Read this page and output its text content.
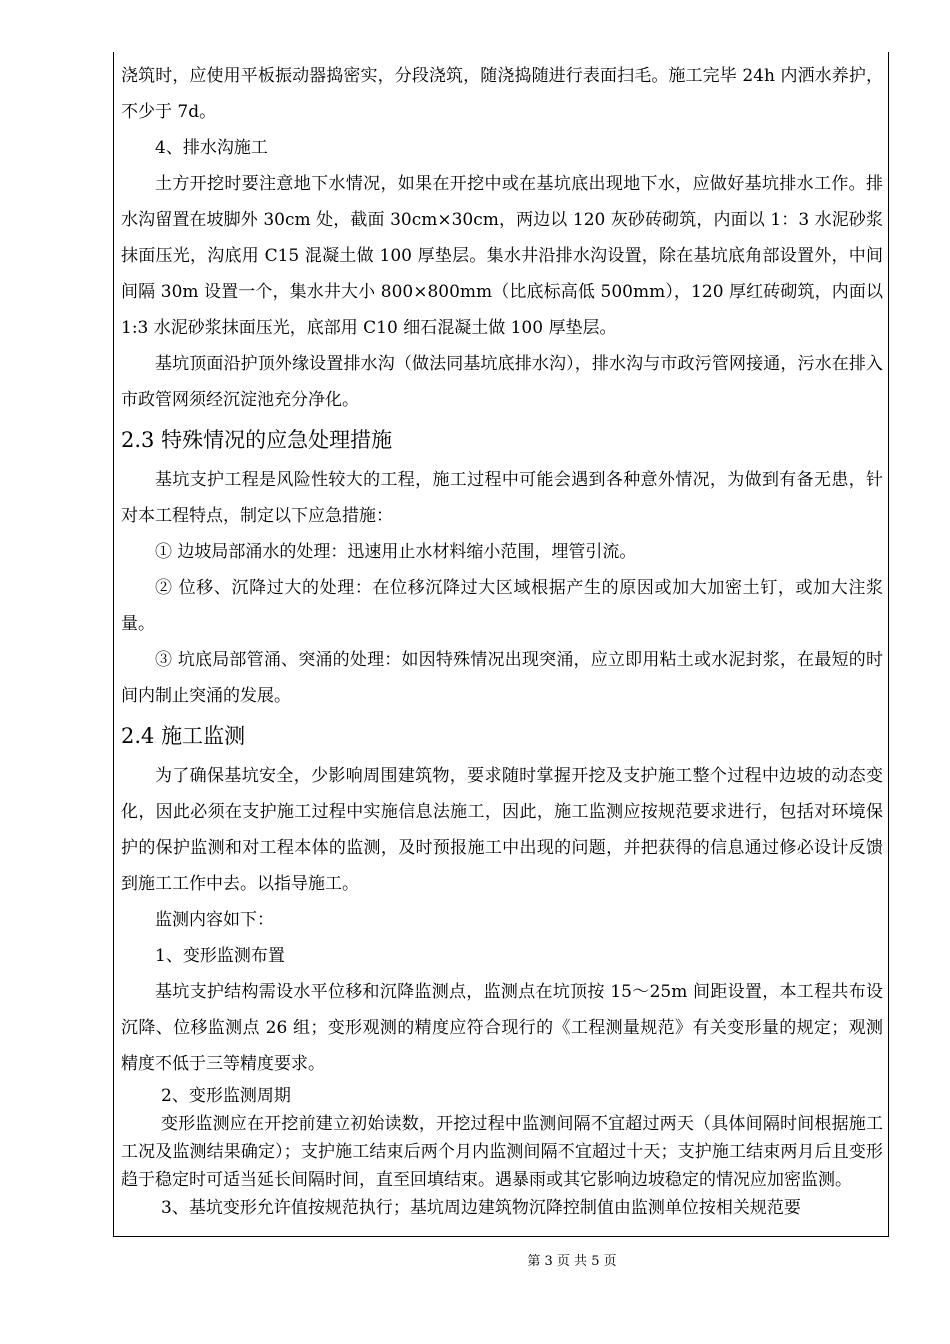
浇筑时，应使用平板振动器捣密实，分段浇筑，随浇捣随进行表面扫毛。施工完毕 24h 内洒水养护，不少于 7d。

4、排水沟施工

土方开挖时要注意地下水情况，如果在开挖中或在基坑底出现地下水，应做好基坑排水工作。排水沟留置在坡脚外 30cm 处，截面 30cm×30cm，两边以 120 灰砂砖砌筑，内面以 1：3 水泥砂浆抹面压光，沟底用 C15 混凝土做 100 厚垫层。集水井沿排水沟设置，除在基坑底角部设置外，中间间隔 30m 设置一个，集水井大小 800×800mm（比底标高低 500mm），120 厚红砖砌筑，内面以 1:3 水泥砂浆抹面压光，底部用 C10 细石混凝土做 100 厚垫层。

基坑顶面沿护顶外缘设置排水沟（做法同基坑底排水沟），排水沟与市政污管网接通，污水在排入市政管网须经沉淀池充分净化。

2.3 特殊情况的应急处理措施

基坑支护工程是风险性较大的工程，施工过程中可能会遇到各种意外情况，为做到有备无患，针对本工程特点，制定以下应急措施：

① 边坡局部涌水的处理：迅速用止水材料缩小范围，埋管引流。

② 位移、沉降过大的处理：在位移沉降过大区域根据产生的原因或加大加密土钉，或加大注浆量。

③ 坑底局部管涌、突涌的处理：如因特殊情况出现突涌，应立即用粘土或水泥封浆，在最短的时间内制止突涌的发展。

2.4 施工监测

为了确保基坑安全，少影响周围建筑物，要求随时掌握开挖及支护施工整个过程中边坡的动态变化，因此必须在支护施工过程中实施信息法施工，因此，施工监测应按规范要求进行，包括对环境保护的保护监测和对工程本体的监测，及时预报施工中出现的问题，并把获得的信息通过修必设计反馈到施工工作中去。以指导施工。

监测内容如下：

1、变形监测布置

基坑支护结构需设水平位移和沉降监测点，监测点在坑顶按 15～25m 间距设置，本工程共布设沉降、位移监测点 26 组；变形观测的精度应符合现行的《工程测量规范》有关变形量的规定；观测精度不低于三等精度要求。

2、变形监测周期

变形监测应在开挖前建立初始读数，开挖过程中监测间隔不宜超过两天（具体间隔时间根据施工工况及监测结果确定）；支护施工结束后两个月内监测间隔不宜超过十天；支护施工结束两月后且变形趋于稳定时可适当延长间隔时间，直至回填结束。遇暴雨或其它影响边坡稳定的情况应加密监测。

3、基坑变形允许值按规范执行；基坑周边建筑物沉降控制值由监测单位按相关规范要

第 3 页 共 5 页
